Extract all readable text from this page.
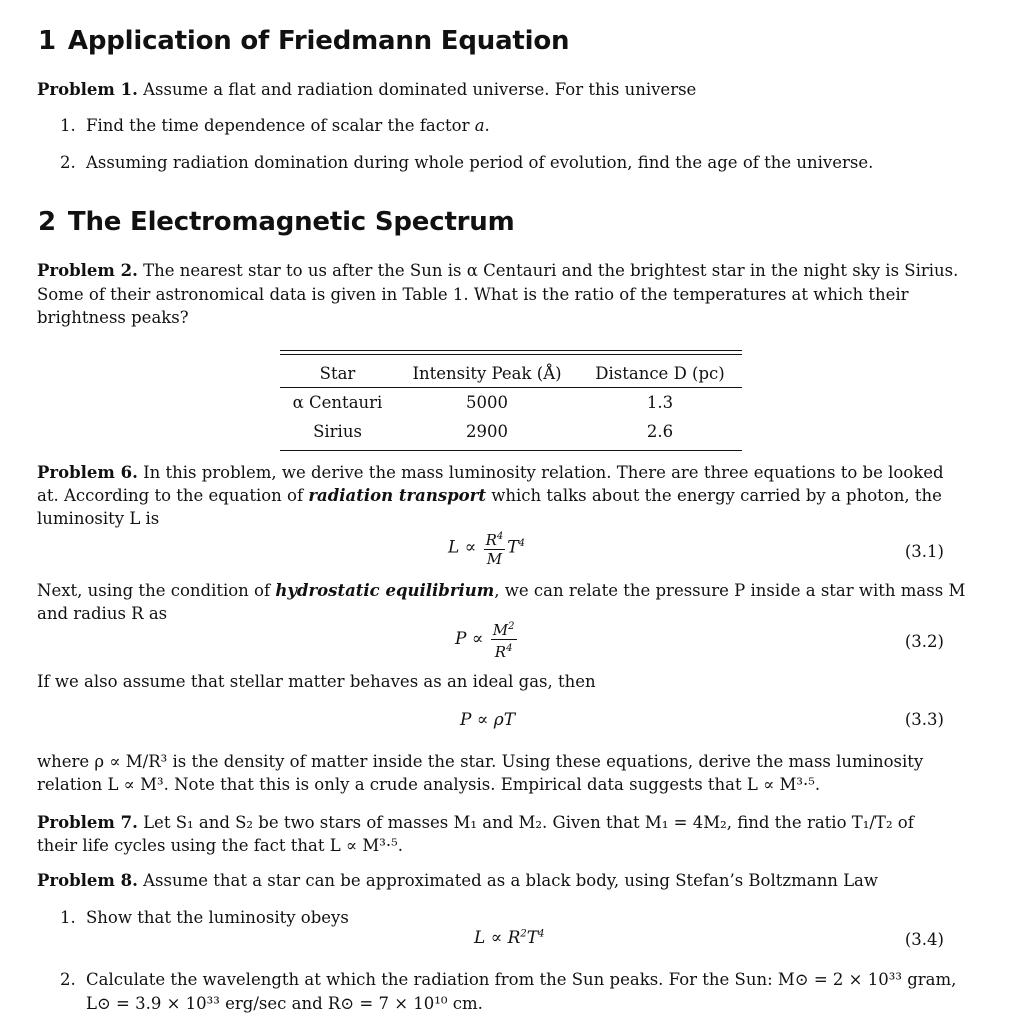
1 Application of Friedmann Equation
Problem 1. Assume a flat and radiation dominated universe. For this universe
1. Find the time dependence of scalar the factor a.
2. Assuming radiation domination during whole period of evolution, find the age of the universe.
2 The Electromagnetic Spectrum
Problem 2. The nearest star to us after the Sun is α Centauri and the brightest star in the night sky is Sirius.
Some of their astronomical data is given in Table 1. What is the ratio of the temperatures at which their
brightness peaks?
Star	Intensity Peak (Å)	Distance D (pc)
α Centauri	5000	1.3
Sirius	2900	2.6
Problem 6. In this problem, we derive the mass luminosity relation. There are three equations to be looked
at. According to the equation of radiation transport which talks about the energy carried by a photon, the
luminosity L is
$L \propto \frac{R^4}{M} T^4$	(3.1)
Next, using the condition of hydrostatic equilibrium, we can relate the pressure P inside a star with mass M
and radius R as
$P \propto \frac{M^2}{R^4}$	(3.2)
If we also assume that stellar matter behaves as an ideal gas, then
P ∝ ρT	(3.3)
where ρ ∝ M/R³ is the density of matter inside the star. Using these equations, derive the mass luminosity
relation L ∝ M³. Note that this is only a crude analysis. Empirical data suggests that L ∝ M³·⁵.
Problem 7. Let S₁ and S₂ be two stars of masses M₁ and M₂. Given that M₁ = 4M₂, find the ratio T₁/T₂ of
their life cycles using the fact that L ∝ M³·⁵.
Problem 8. Assume that a star can be approximated as a black body, using Stefan’s Boltzmann Law
1. Show that the luminosity obeys
$L \propto R^2T^4$	(3.4)
2. Calculate the wavelength at which the radiation from the Sun peaks. For the Sun: M⊙ = 2 × 10³³ gram,
L⊙ = 3.9 × 10³³ erg/sec and R⊙ = 7 × 10¹⁰ cm.
